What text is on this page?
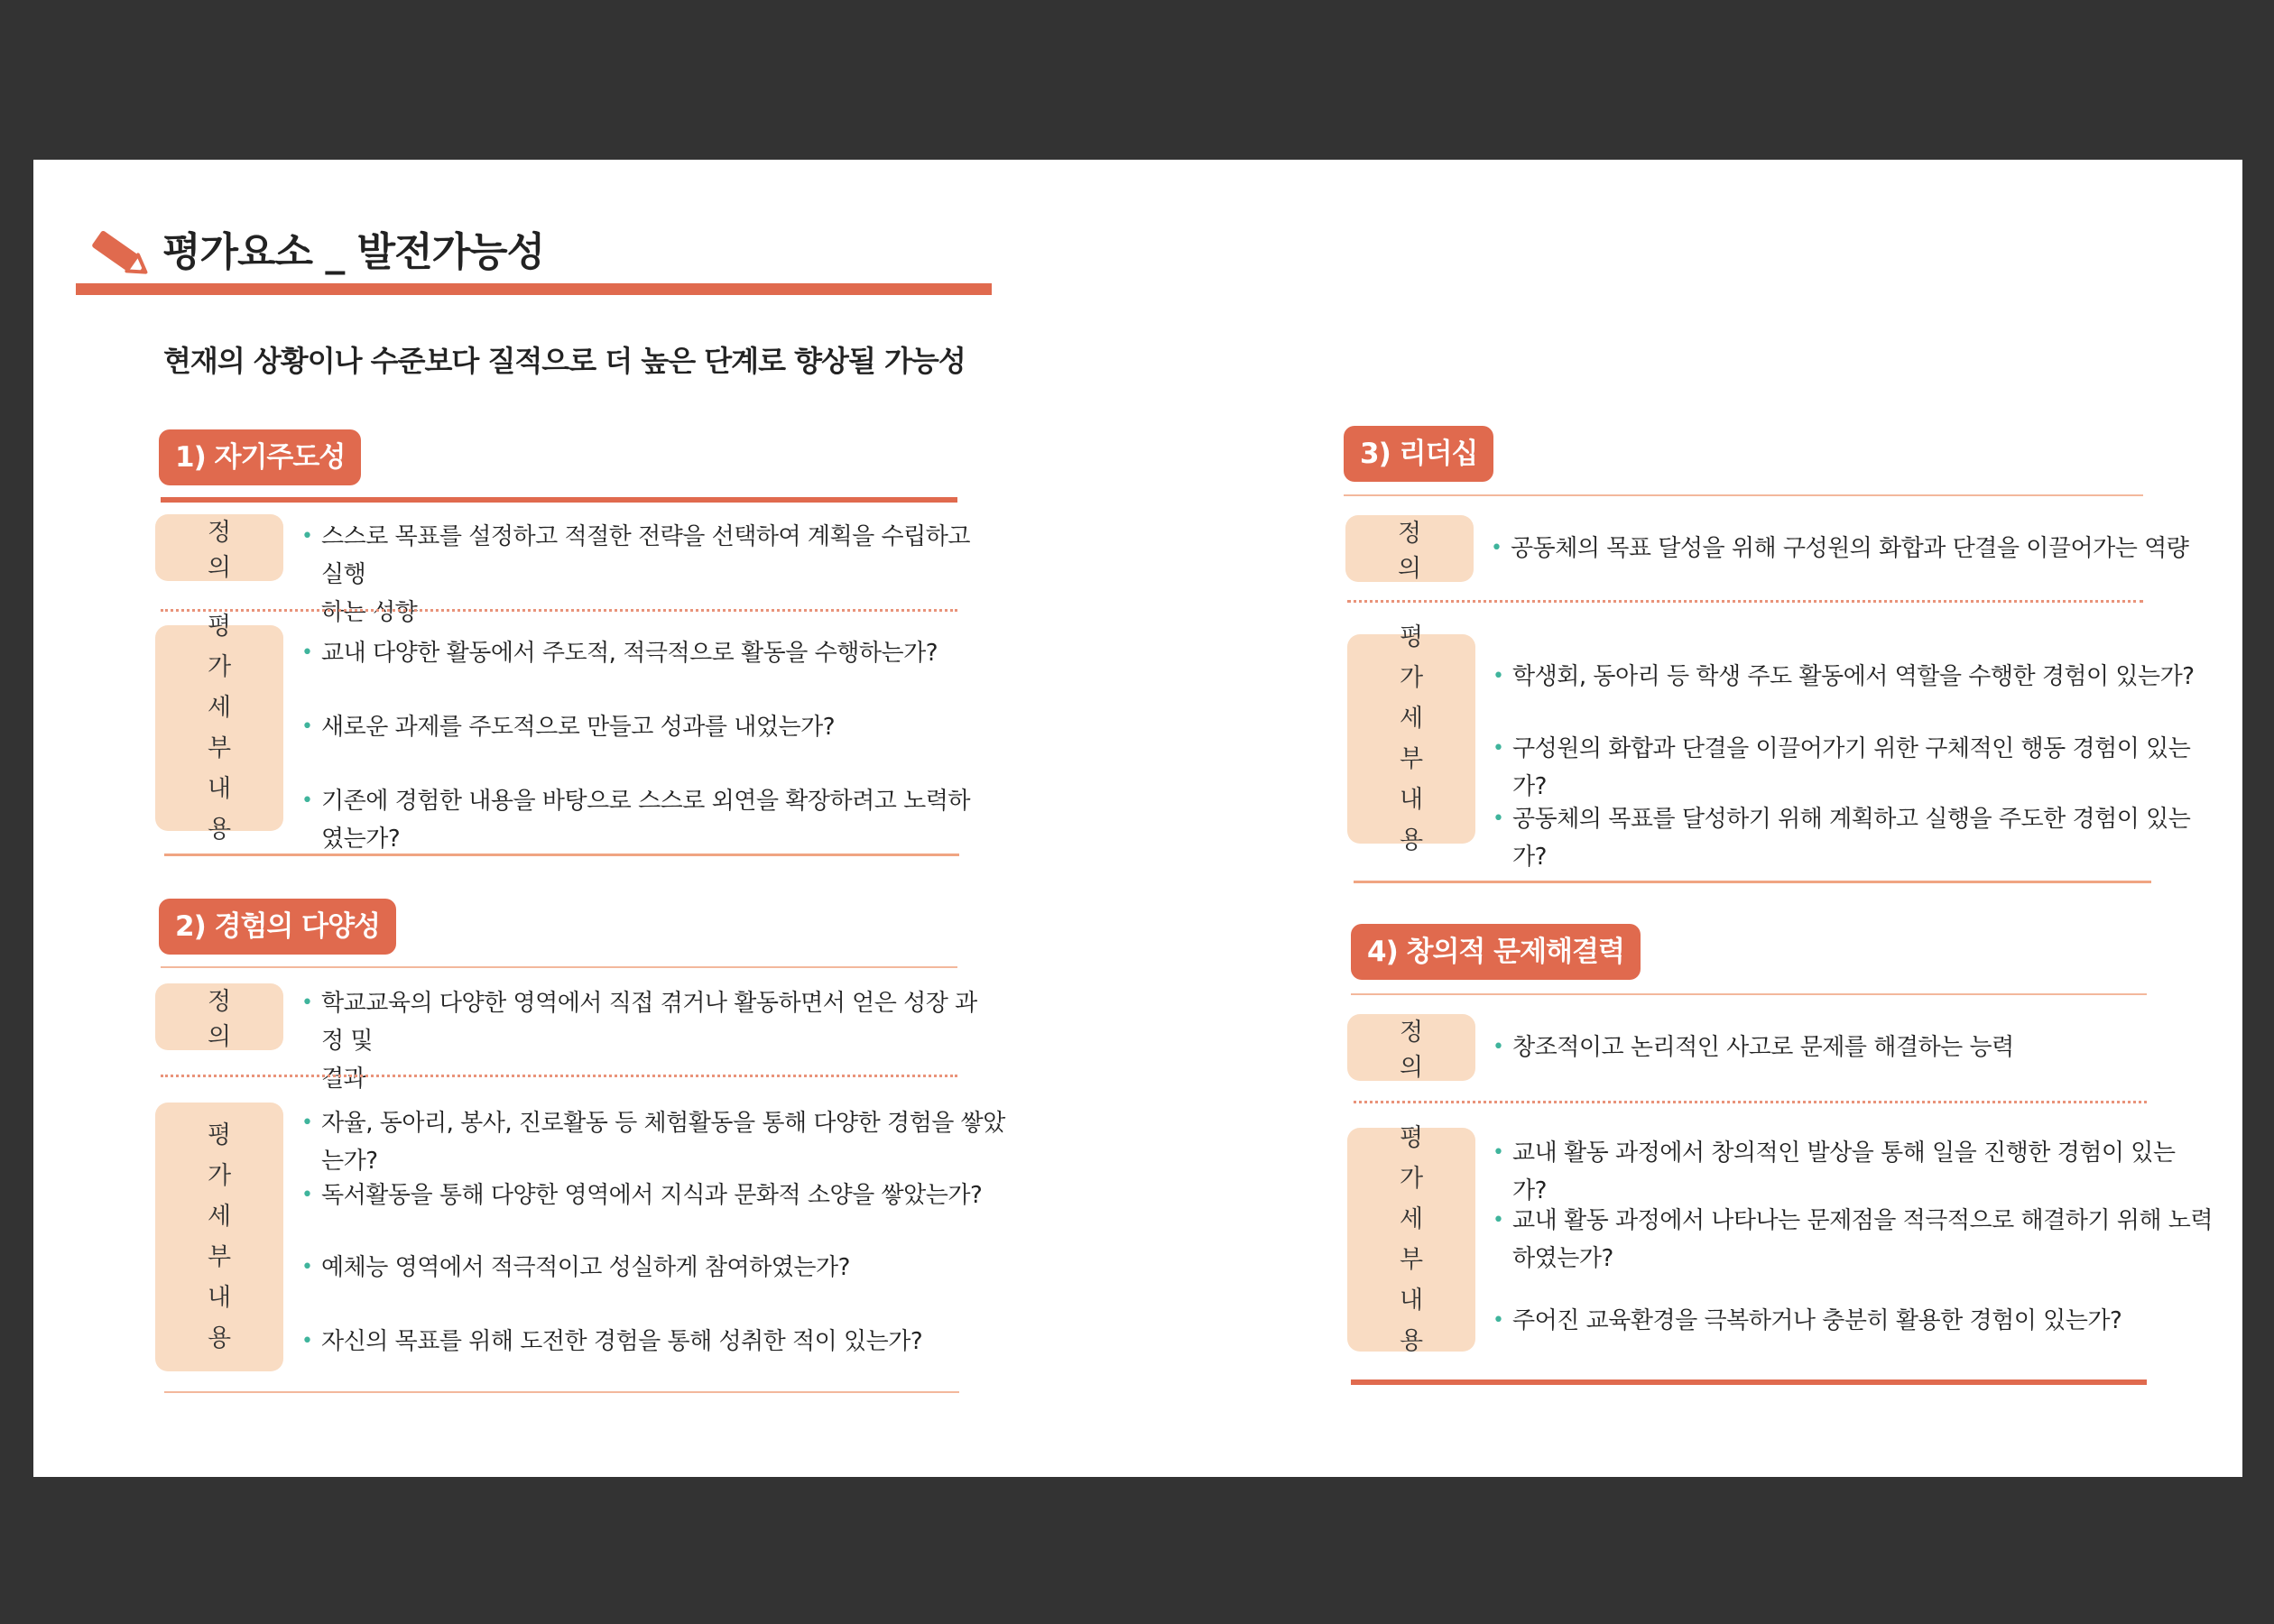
평가요소 _ 발전가능성
현재의 상황이나 수준보다 질적으로 더 높은 단계로 향상될 가능성
1) 자기주도성
정 의
• 스스로 목표를 설정하고 적절한 전략을 선택하여 계획을 수립하고 실행
하는 성향
평 가
세 부
내 용
• 교내 다양한 활동에서 주도적, 적극적으로 활동을 수행하는가?
• 새로운 과제를 주도적으로 만들고 성과를 내었는가?
• 기존에 경험한 내용을 바탕으로 스스로 외연을 확장하려고 노력하였는가?
2) 경험의 다양성
정 의
• 학교교육의 다양한 영역에서 직접 겪거나 활동하면서 얻은 성장 과정 및
결과
평 가
세 부
내 용
• 자율, 동아리, 봉사, 진로활동 등 체험활동을 통해 다양한 경험을 쌓았는가?
• 독서활동을 통해 다양한 영역에서 지식과 문화적 소양을 쌓았는가?
• 예체능 영역에서 적극적이고 성실하게 참여하였는가?
• 자신의 목표를 위해 도전한 경험을 통해 성취한 적이 있는가?
3) 리더십
정 의
• 공동체의 목표 달성을 위해 구성원의 화합과 단결을 이끌어가는 역량
평 가
세 부
내 용
• 학생회, 동아리 등 학생 주도 활동에서 역할을 수행한 경험이 있는가?
• 구성원의 화합과 단결을 이끌어가기 위한 구체적인 행동 경험이 있는가?
• 공동체의 목표를 달성하기 위해 계획하고 실행을 주도한 경험이 있는가?
4) 창의적 문제해결력
정 의
• 창조적이고 논리적인 사고로 문제를 해결하는 능력
평 가
세 부
내 용
• 교내 활동 과정에서 창의적인 발상을 통해 일을 진행한 경험이 있는가?
• 교내 활동 과정에서 나타나는 문제점을 적극적으로 해결하기 위해 노력
하였는가?
• 주어진 교육환경을 극복하거나 충분히 활용한 경험이 있는가?
